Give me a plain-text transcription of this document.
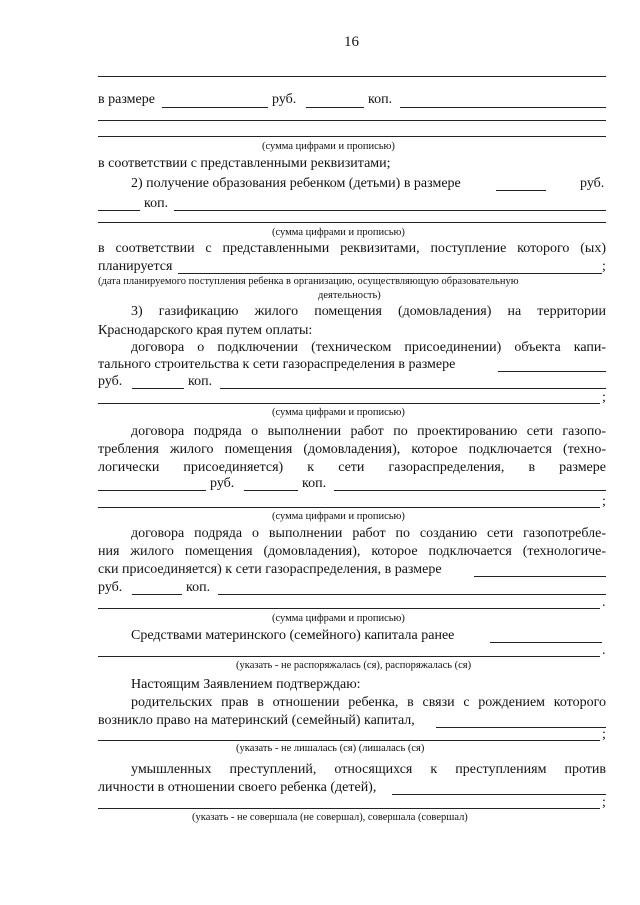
16
в размере	руб.	коп.
(сумма цифрами и прописью)
в соответствии с представленными реквизитами;
2) получение образования ребенком (детьми) в размере	руб.
коп.
(сумма цифрами и прописью)
в соответствии с представленными реквизитами, поступление которого (ых)
планируется	;
(дата планируемого поступления ребенка в организацию, осуществляющую образовательную
деятельность)
3) газификацию жилого помещения (домовладения) на территории
Краснодарского края путем оплаты:
договора о подключении (техническом присоединении) объекта капи-
тального строительства к сети газораспределения в размере
руб.	коп.
;
(сумма цифрами и прописью)
договора подряда о выполнении работ по проектированию сети газопо-
требления жилого помещения (домовладения), которое подключается (техно-
логически присоединяется) к сети газораспределения, в размере
руб.	коп.
;
(сумма цифрами и прописью)
договора подряда о выполнении работ по созданию сети газопотребле-
ния жилого помещения (домовладения), которое подключается (технологиче-
ски присоединяется) к сети газораспределения, в размере
руб.	коп.
.
(сумма цифрами и прописью)
Средствами материнского (семейного) капитала ранее
.
(указать - не распоряжалась (ся), распоряжалась (ся)
Настоящим Заявлением подтверждаю:
родительских прав в отношении ребенка, в связи с рождением которого
возникло право на материнский (семейный) капитал,
;
(указать - не лишалась (ся) (лишалась (ся)
умышленных преступлений, относящихся к преступлениям против
личности в отношении своего ребенка (детей),
;
(указать - не совершала (не совершал), совершала (совершал)
